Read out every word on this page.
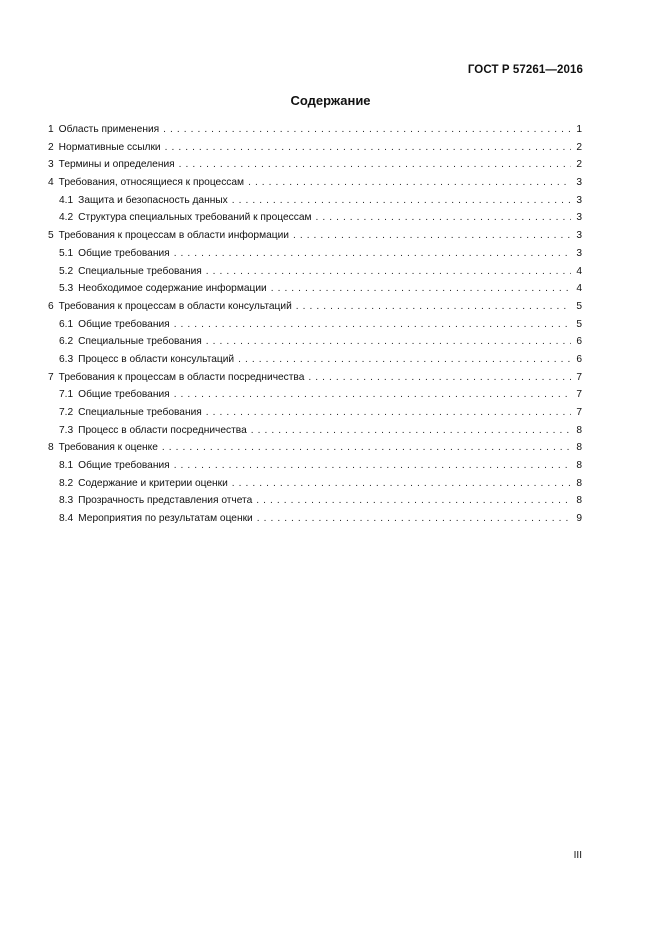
ГОСТ Р 57261—2016
Содержание
1 Область применения . . .	1
2 Нормативные ссылки . . .	2
3 Термины и определения . . .	2
4 Требования, относящиеся к процессам . . .	3
4.1 Защита и безопасность данных . . .	3
4.2 Структура специальных требований к процессам . . .	3
5 Требования к процессам в области информации . . .	3
5.1 Общие требования . . .	3
5.2 Специальные требования . . .	4
5.3 Необходимое содержание информации . . .	4
6 Требования к процессам в области консультаций . . .	5
6.1 Общие требования . . .	5
6.2 Специальные требования . . .	6
6.3 Процесс в области консультаций . . .	6
7 Требования к процессам в области посредничества . . .	7
7.1 Общие требования . . .	7
7.2 Специальные требования . . .	7
7.3 Процесс в области посредничества . . .	8
8 Требования к оценке . . .	8
8.1 Общие требования . . .	8
8.2 Содержание и критерии оценки . . .	8
8.3 Прозрачность представления отчета . . .	8
8.4 Мероприятия по результатам оценки . . .	9
III
